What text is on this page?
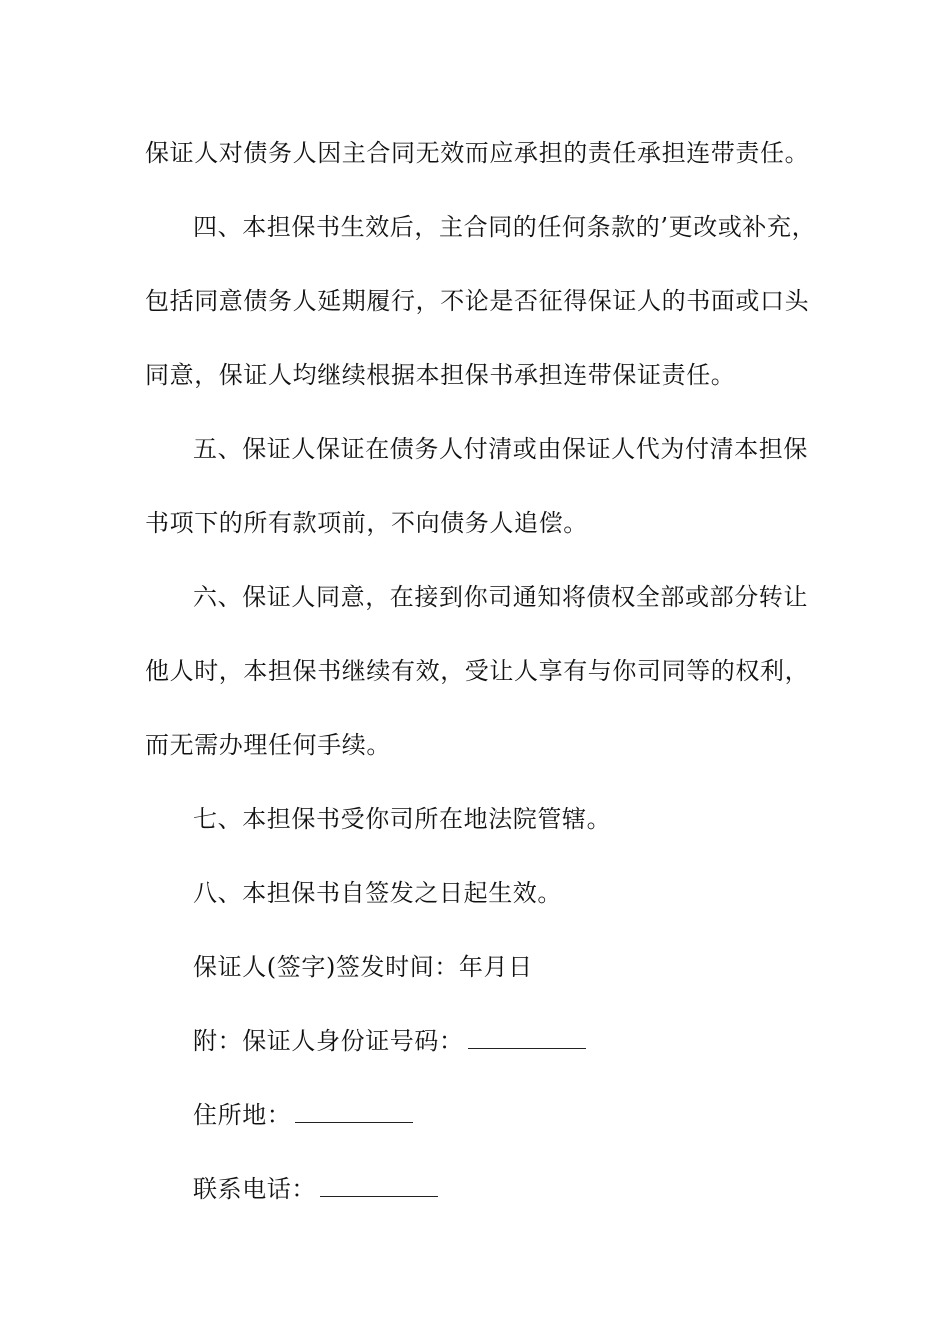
保证人对债务人因主合同无效而应承担的责任承担连带责任。
四、本担保书生效后，主合同的任何条款的’更改或补充，
包括同意债务人延期履行，不论是否征得保证人的书面或口头
同意，保证人均继续根据本担保书承担连带保证责任。
五、保证人保证在债务人付清或由保证人代为付清本担保
书项下的所有款项前，不向债务人追偿。
六、保证人同意，在接到你司通知将债权全部或部分转让
他人时，本担保书继续有效，受让人享有与你司同等的权利，
而无需办理任何手续。
七、本担保书受你司所在地法院管辖。
八、本担保书自签发之日起生效。
保证人(签字)签发时间：年月日
附：保证人身份证号码：
住所地：
联系电话：
